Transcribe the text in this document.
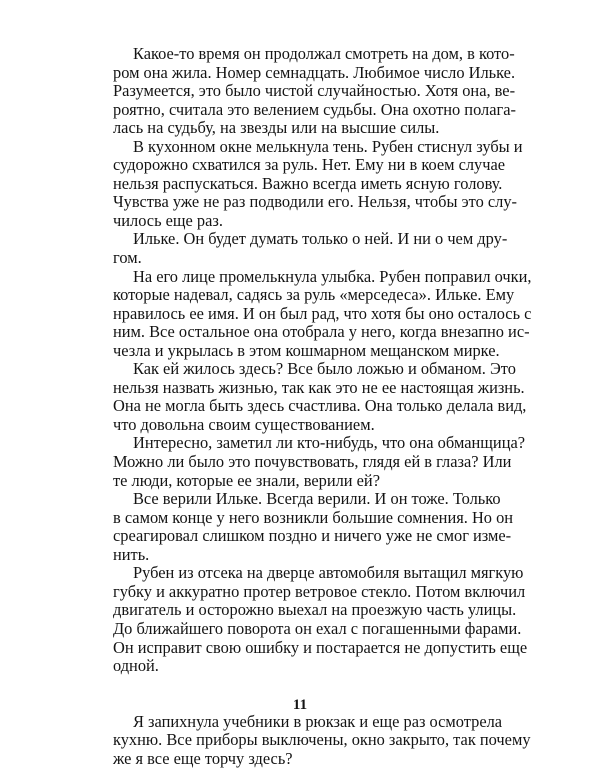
Какое-то время он продолжал смотреть на дом, в кото-
ром она жила. Номер семнадцать. Любимое число Ильке.
Разумеется, это было чистой случайностью. Хотя она, ве-
роятно, считала это велением судьбы. Она охотно полага-
лась на судьбу, на звезды или на высшие силы.
В кухонном окне мелькнула тень. Рубен стиснул зубы и
судорожно схватился за руль. Нет. Ему ни в коем случае
нельзя распускаться. Важно всегда иметь ясную голову.
Чувства уже не раз подводили его. Нельзя, чтобы это слу-
чилось еще раз.
Ильке. Он будет думать только о ней. И ни о чем дру-
гом.
На его лице промелькнула улыбка. Рубен поправил очки,
которые надевал, садясь за руль «мерседеса». Ильке. Ему
нравилось ее имя. И он был рад, что хотя бы оно осталось с
ним. Все остальное она отобрала у него, когда внезапно ис-
чезла и укрылась в этом кошмарном мещанском мирке.
Как ей жилось здесь? Все было ложью и обманом. Это
нельзя назвать жизнью, так как это не ее настоящая жизнь.
Она не могла быть здесь счастлива. Она только делала вид,
что довольна своим существованием.
Интересно, заметил ли кто-нибудь, что она обманщица?
Можно ли было это почувствовать, глядя ей в глаза? Или
те люди, которые ее знали, верили ей?
Все верили Ильке. Всегда верили. И он тоже. Только
в самом конце у него возникли большие сомнения. Но он
среагировал слишком поздно и ничего уже не смог изме-
нить.
Рубен из отсека на дверце автомобиля вытащил мягкую
губку и аккуратно протер ветровое стекло. Потом включил
двигатель и осторожно выехал на проезжую часть улицы.
До ближайшего поворота он ехал с погашенными фарами.
Он исправит свою ошибку и постарается не допустить еще
одной.
Я запихнула учебники в рюкзак и еще раз осмотрела
кухню. Все приборы выключены, окно закрыто, так почему
же я все еще торчу здесь?
11
